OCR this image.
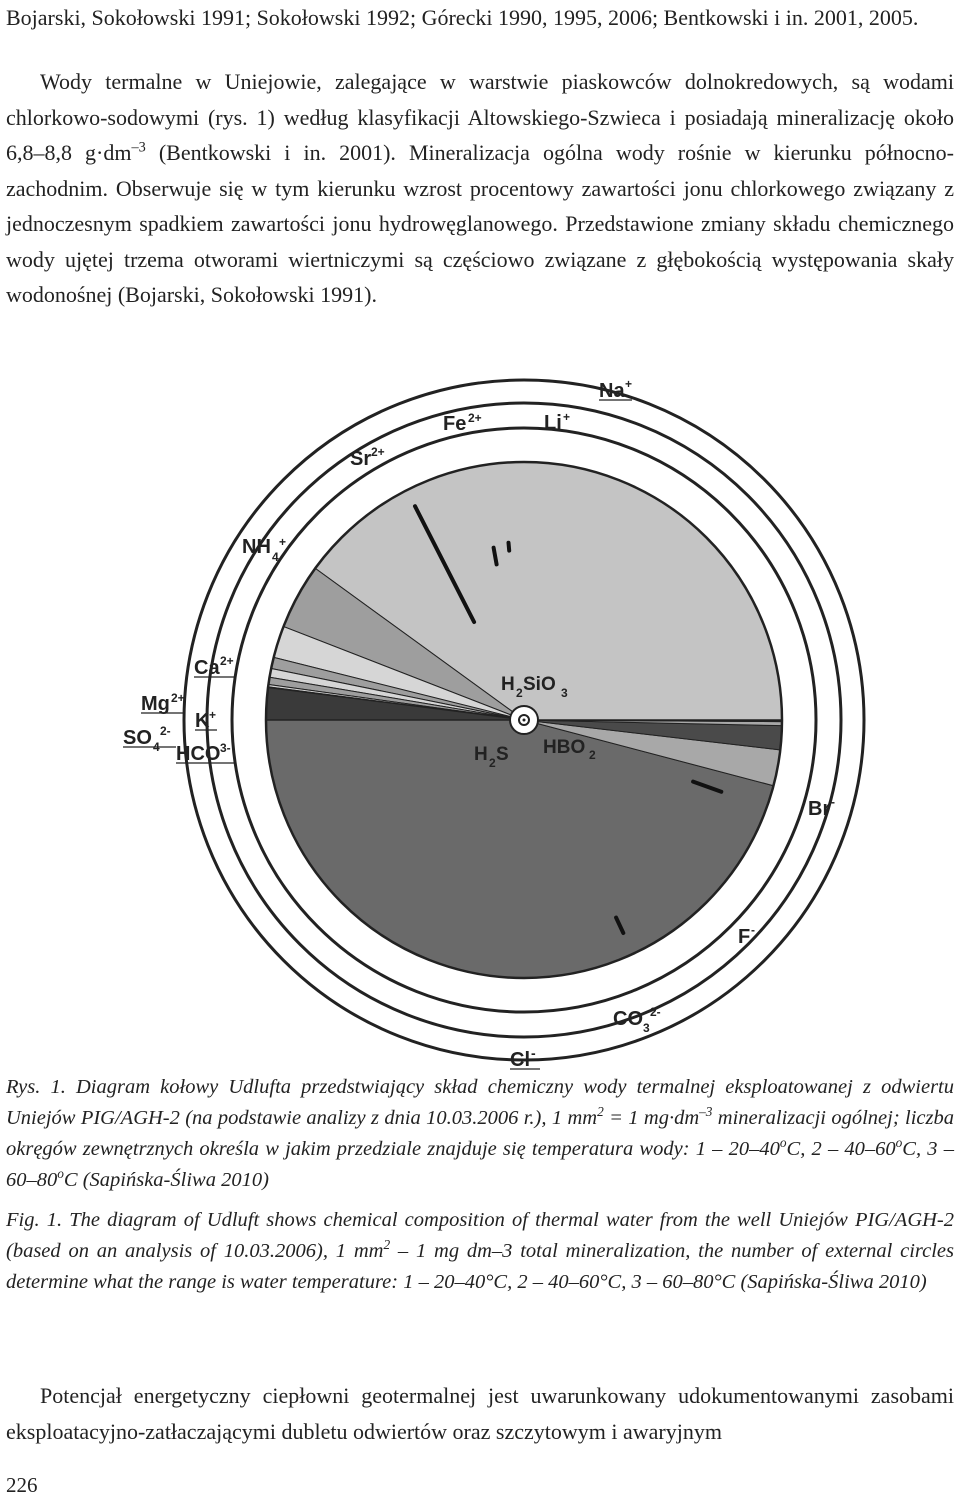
Bojarski, Sokołowski 1991; Sokołowski 1992; Górecki 1990, 1995, 2006; Bentkowski i in. 2001, 2005.

Wody termalne w Uniejowie, zalegające w warstwie piaskowców dolnokredowych, są wodami chlorkowo-sodowymi (rys. 1) według klasyfikacji Altowskiego-Szwieca i posiadają mineralizację około 6,8–8,8 $g\cdot dm^{-3}$ (Bentkowski i in. 2001). Mineralizacja ogólna wody rośnie w kierunku północno-zachodnim. Obserwuje się w tym kierunku wzrost procentowy zawartości jonu chlorkowego związany z jednoczesnym spadkiem zawartości jonu hydrowęglanowego. Przedstawione zmiany składu chemicznego wody ujętej trzema otworami wiertniczymi są częściowo związane z głębokością występowania skały wodonośnej (Bojarski, Sokołowski 1991).

Na +
Li +
Fe 2+
Sr 2+
NH 4
+
Ca 2+
Mg 2+
K +
SO 4
2-
HCO 3-
H 2 SiO 3
H 2 S HBO 2
Br -
F -
CO 3
2-
Cl -

Rys. 1. Diagram kołowy Udlufta przedstwiający skład chemiczny wody termalnej eksploatowanej z odwiertu Uniejów PIG/AGH-2 (na podstawie analizy z dnia 10.03.2006 r.), 1 $mm^2 = 1$ $mg\cdot dm^{-3}$ mineralizacji ogólnej; liczba okręgów zewnętrznych określa w jakim przedziale znajduje się temperatura wody: 1 – 20–40$^o$C, 2 – 40–60$^o$C, 3 – 60–80$^o$C (Sapińska-Śliwa 2010)

Fig. 1. The diagram of Udluft shows chemical composition of thermal water from the well Uniejów PIG/AGH-2 (based on an analysis of 10.03.2006), 1 $mm^2 - 1$ mg dm–3 total mineralization, the number of external circles determine what the range is water temperature: 1 – 20–40°C, 2 – 40–60°C, 3 – 60–80°C (Sapińska-Śliwa 2010)

Potencjał energetyczny ciepłowni geotermalnej jest uwarunkowany udokumentowanymi zasobami eksploatacyjno-zatłaczającymi dubletu odwiertów oraz szczytowym i awaryjnym

226
